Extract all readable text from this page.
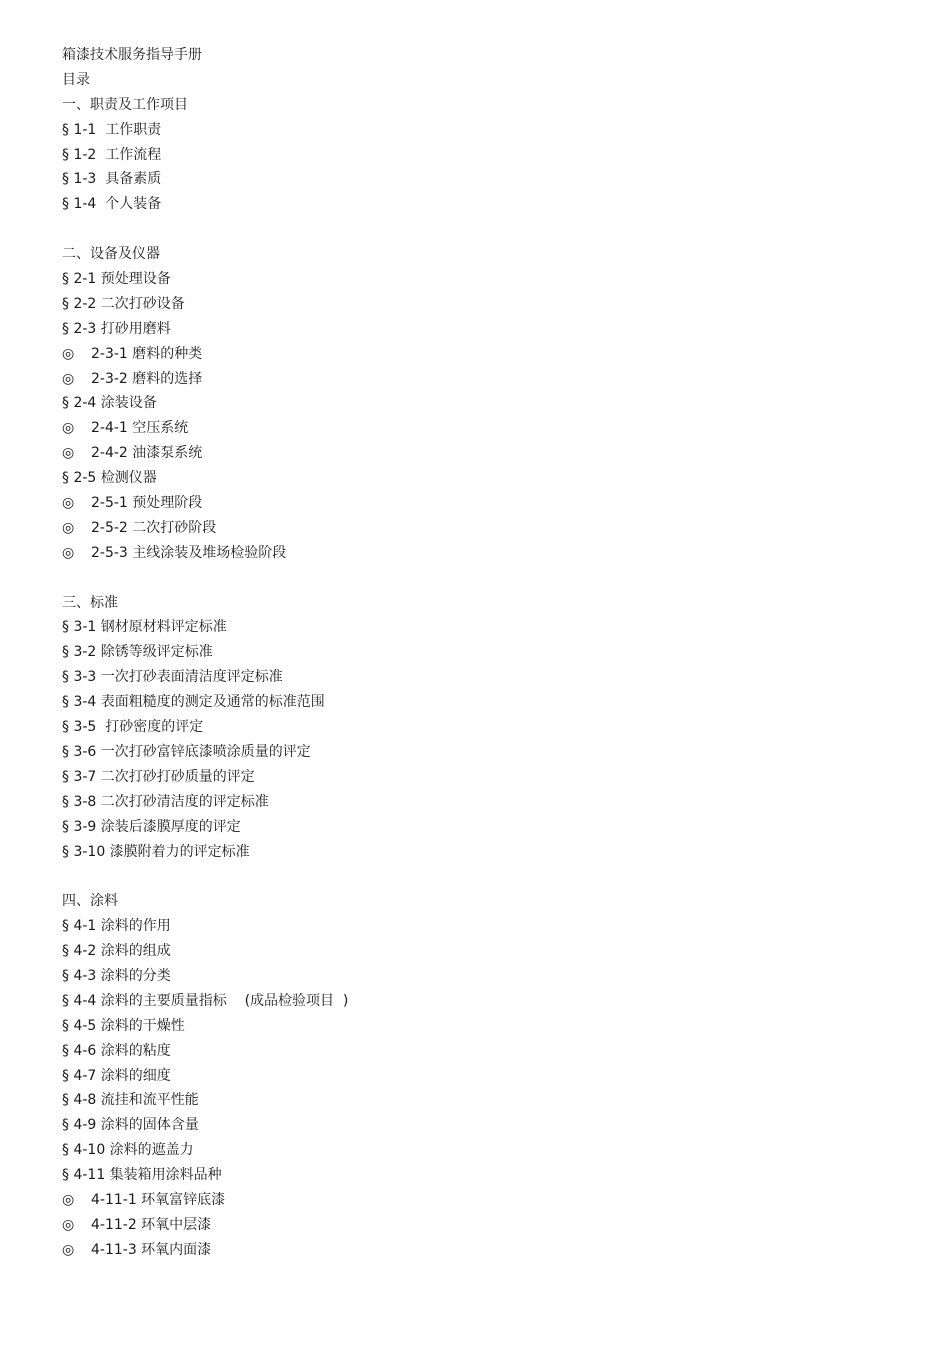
箱漆技术服务指导手册
目录
一、职责及工作项目
§ 1-1  工作职责
§ 1-2  工作流程
§ 1-3  具备素质
§ 1-4  个人装备
二、设备及仪器
§ 2-1 预处理设备
§ 2-2 二次打砂设备
§ 2-3 打砂用磨料
◎ 2-3-1 磨料的种类
◎ 2-3-2 磨料的选择
§ 2-4 涂装设备
◎ 2-4-1 空压系统
◎ 2-4-2 油漆泵系统
§ 2-5 检测仪器
◎ 2-5-1 预处理阶段
◎ 2-5-2 二次打砂阶段
◎ 2-5-3 主线涂装及堆场检验阶段
三、标准
§ 3-1 钢材原材料评定标准
§ 3-2 除锈等级评定标准
§ 3-3 一次打砂表面清洁度评定标准
§ 3-4 表面粗糙度的测定及通常的标准范围
§ 3-5  打砂密度的评定
§ 3-6 一次打砂富锌底漆喷涂质量的评定
§ 3-7 二次打砂打砂质量的评定
§ 3-8 二次打砂清洁度的评定标准
§ 3-9 涂装后漆膜厚度的评定
§ 3-10 漆膜附着力的评定标准
四、涂料
§ 4-1 涂料的作用
§ 4-2 涂料的组成
§ 4-3 涂料的分类
§ 4-4 涂料的主要质量指标    (成品检验项目  )
§ 4-5 涂料的干燥性
§ 4-6 涂料的粘度
§ 4-7 涂料的细度
§ 4-8 流挂和流平性能
§ 4-9 涂料的固体含量
§ 4-10 涂料的遮盖力
§ 4-11 集装箱用涂料品种
◎ 4-11-1 环氧富锌底漆
◎ 4-11-2 环氧中层漆
◎ 4-11-3 环氧内面漆
